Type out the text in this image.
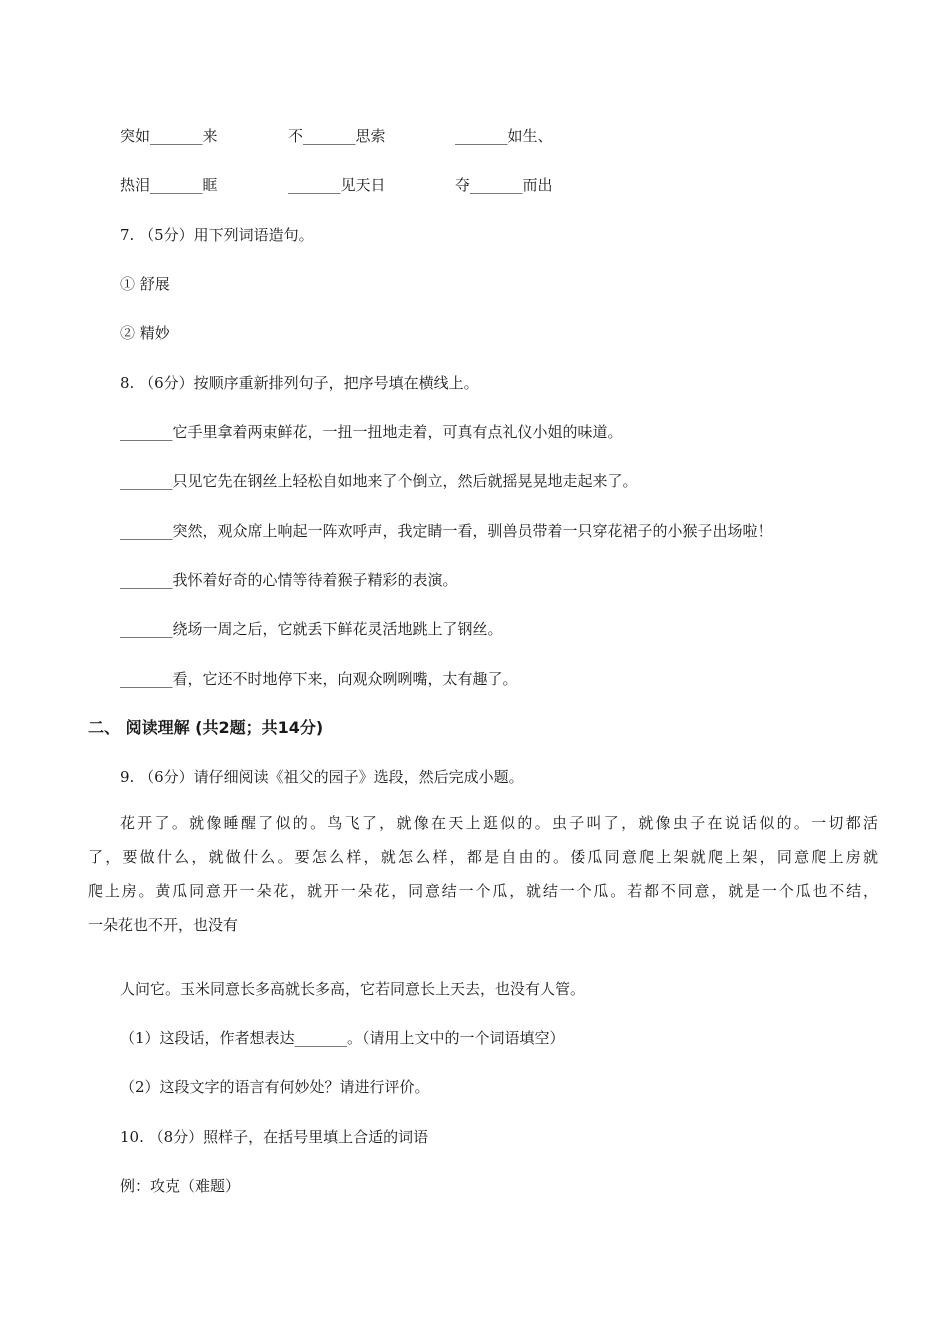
突如_______来	不_______思索	_______如生、
热泪_______眶	_______见天日	夺_______而出
7. （5分）用下列词语造句。
① 舒展
② 精妙
8. （6分）按顺序重新排列句子，把序号填在横线上。
_______它手里拿着两束鲜花，一扭一扭地走着，可真有点礼仪小姐的味道。
_______只见它先在钢丝上轻松自如地来了个倒立，然后就摇晃晃地走起来了。
_______突然，观众席上响起一阵欢呼声，我定睛一看，驯兽员带着一只穿花裙子的小猴子出场啦！
_______我怀着好奇的心情等待着猴子精彩的表演。
_______绕场一周之后，它就丢下鲜花灵活地跳上了钢丝。
_______看，它还不时地停下来，向观众咧咧嘴，太有趣了。
二、 阅读理解 (共2题；共14分)
9. （6分）请仔细阅读《祖父的园子》选段，然后完成小题。
花开了。就像睡醒了似的。鸟飞了，就像在天上逛似的。虫子叫了，就像虫子在说话似的。一切都活
了，要做什么，就做什么。要怎么样，就怎么样，都是自由的。倭瓜同意爬上架就爬上架，同意爬上房就
爬上房。黄瓜同意开一朵花，就开一朵花，同意结一个瓜，就结一个瓜。若都不同意，就是一个瓜也不结，
一朵花也不开，也没有
人问它。玉米同意长多高就长多高，它若同意长上天去，也没有人管。
（1）这段话，作者想表达_______。（请用上文中的一个词语填空）
（2）这段文字的语言有何妙处？请进行评价。
10. （8分）照样子，在括号里填上合适的词语
例：攻克（难题）
